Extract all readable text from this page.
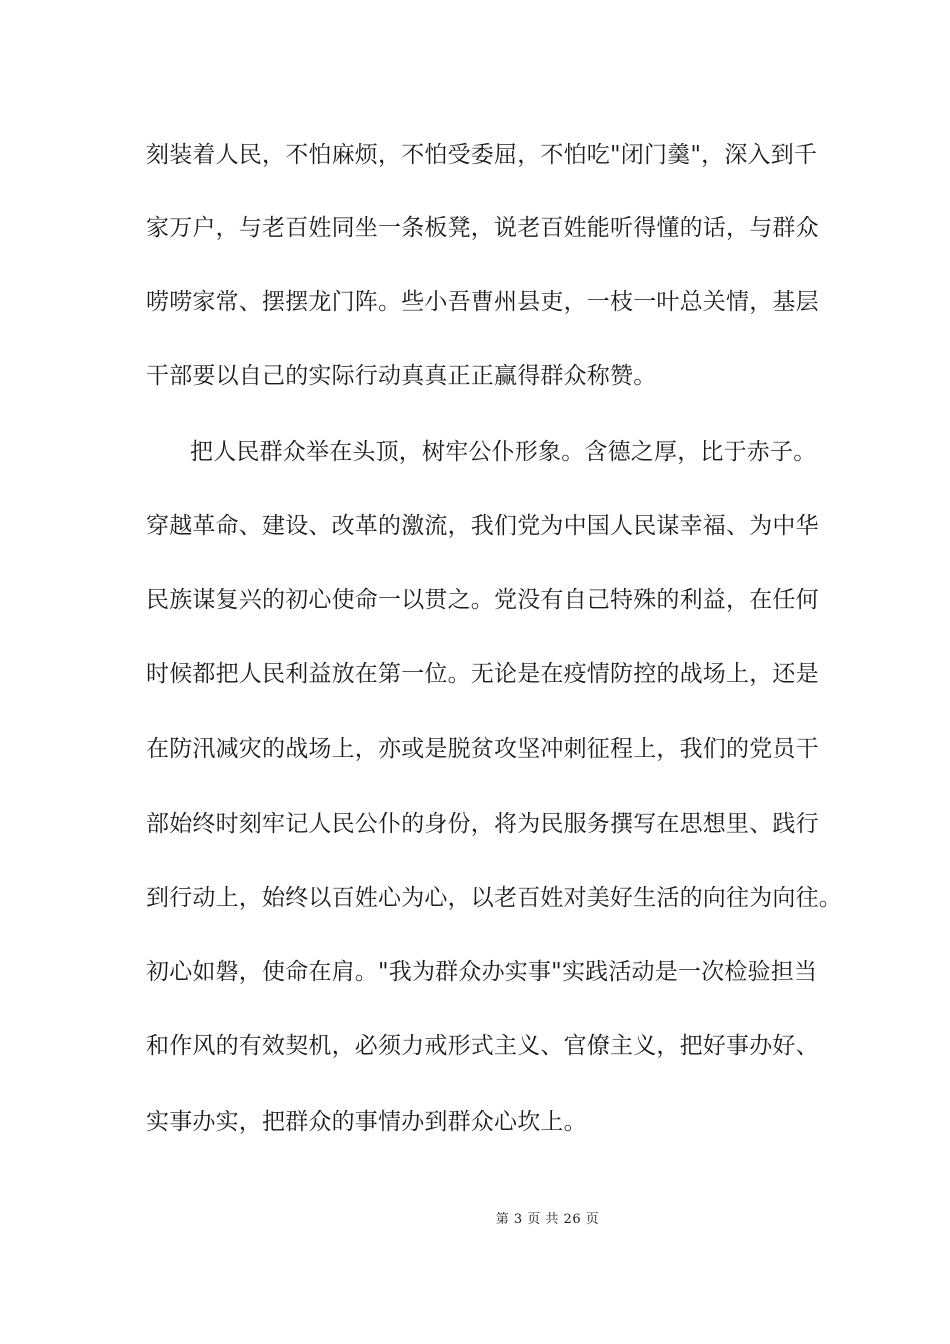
刻装着人民，不怕麻烦，不怕受委屈，不怕吃"闭门羹"，深入到千
家万户，与老百姓同坐一条板凳，说老百姓能听得懂的话，与群众
唠唠家常、摆摆龙门阵。些小吾曹州县吏，一枝一叶总关情，基层
干部要以自己的实际行动真真正正赢得群众称赞。
把人民群众举在头顶，树牢公仆形象。含德之厚，比于赤子。
穿越革命、建设、改革的激流，我们党为中国人民谋幸福、为中华
民族谋复兴的初心使命一以贯之。党没有自己特殊的利益，在任何
时候都把人民利益放在第一位。无论是在疫情防控的战场上，还是
在防汛减灾的战场上，亦或是脱贫攻坚冲刺征程上，我们的党员干
部始终时刻牢记人民公仆的身份，将为民服务撰写在思想里、践行
到行动上，始终以百姓心为心，以老百姓对美好生活的向往为向往。
初心如磐，使命在肩。"我为群众办实事"实践活动是一次检验担当
和作风的有效契机，必须力戒形式主义、官僚主义，把好事办好、
实事办实，把群众的事情办到群众心坎上。
第 3 页 共 26 页
